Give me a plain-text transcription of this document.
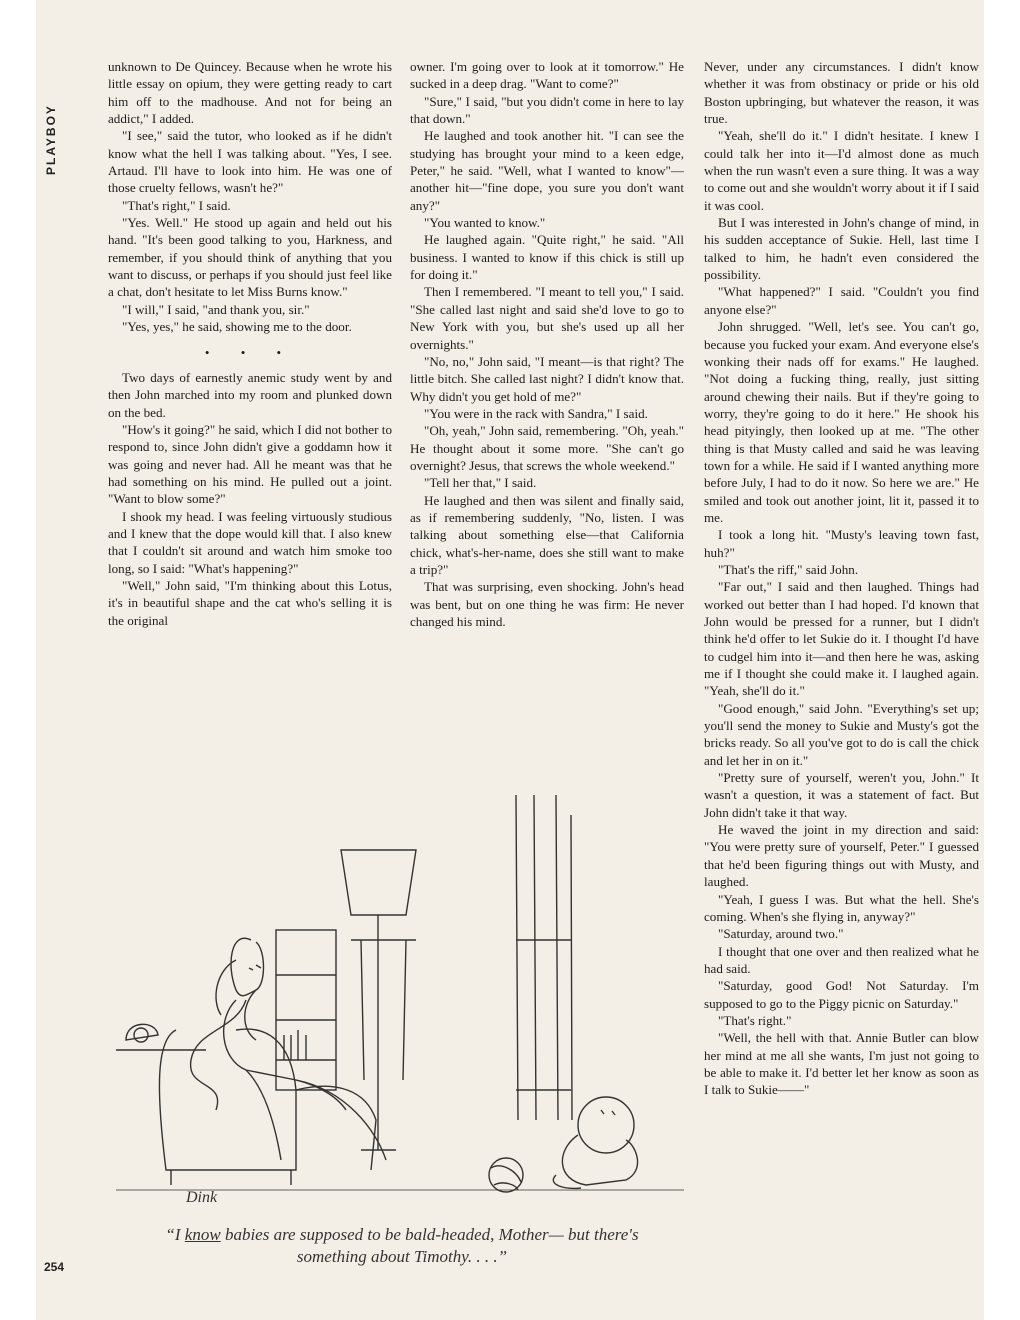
PLAYBOY

unknown to De Quincey. Because when he wrote his little essay on opium, they were getting ready to cart him off to the madhouse. And not for being an addict," I added.

"I see," said the tutor, who looked as if he didn't know what the hell I was talking about. "Yes, I see. Artaud. I'll have to look into him. He was one of those cruelty fellows, wasn't he?"

"That's right," I said.

"Yes. Well." He stood up again and held out his hand. "It's been good talking to you, Harkness, and remember, if you should think of anything that you want to discuss, or perhaps if you should just feel like a chat, don't hesitate to let Miss Burns know."

"I will," I said, "and thank you, sir."

"Yes, yes," he said, showing me to the door.

• • •

Two days of earnestly anemic study went by and then John marched into my room and plunked down on the bed.

"How's it going?" he said, which I did not bother to respond to, since John didn't give a goddamn how it was going and never had. All he meant was that he had something on his mind. He pulled out a joint. "Want to blow some?"

I shook my head. I was feeling virtuously studious and I knew that the dope would kill that. I also knew that I couldn't sit around and watch him smoke too long, so I said: "What's happening?"

"Well," John said, "I'm thinking about this Lotus, it's in beautiful shape and the cat who's selling it is the original

owner. I'm going over to look at it tomorrow." He sucked in a deep drag. "Want to come?"

"Sure," I said, "but you didn't come in here to lay that down."

He laughed and took another hit. "I can see the studying has brought your mind to a keen edge, Peter," he said. "Well, what I wanted to know"—another hit—"fine dope, you sure you don't want any?"

"You wanted to know."

He laughed again. "Quite right," he said. "All business. I wanted to know if this chick is still up for doing it."

Then I remembered. "I meant to tell you," I said. "She called last night and said she'd love to go to New York with you, but she's used up all her overnights."

"No, no," John said, "I meant—is that right? The little bitch. She called last night? I didn't know that. Why didn't you get hold of me?"

"You were in the rack with Sandra," I said.

"Oh, yeah," John said, remembering. "Oh, yeah." He thought about it some more. "She can't go overnight? Jesus, that screws the whole weekend."

"Tell her that," I said.

He laughed and then was silent and finally said, as if remembering suddenly, "No, listen. I was talking about something else—that California chick, what's-her-name, does she still want to make a trip?"

That was surprising, even shocking. John's head was bent, but on one thing he was firm: He never changed his mind.

Never, under any circumstances. I didn't know whether it was from obstinacy or pride or his old Boston upbringing, but whatever the reason, it was true.

"Yeah, she'll do it." I didn't hesitate. I knew I could talk her into it—I'd almost done as much when the run wasn't even a sure thing. It was a way to come out and she wouldn't worry about it if I said it was cool.

But I was interested in John's change of mind, in his sudden acceptance of Sukie. Hell, last time I talked to him, he hadn't even considered the possibility.

"What happened?" I said. "Couldn't you find anyone else?"

John shrugged. "Well, let's see. You can't go, because you fucked your exam. And everyone else's wonking their nads off for exams." He laughed. "Not doing a fucking thing, really, just sitting around chewing their nails. But if they're going to worry, they're going to do it here." He shook his head pityingly, then looked up at me. "The other thing is that Musty called and said he was leaving town for a while. He said if I wanted anything more before July, I had to do it now. So here we are." He smiled and took out another joint, lit it, passed it to me.

I took a long hit. "Musty's leaving town fast, huh?"

"That's the riff," said John.

"Far out," I said and then laughed. Things had worked out better than I had hoped. I'd known that John would be pressed for a runner, but I didn't think he'd offer to let Sukie do it. I thought I'd have to cudgel him into it—and then here he was, asking me if I thought she could make it. I laughed again. "Yeah, she'll do it."

"Good enough," said John. "Everything's set up; you'll send the money to Sukie and Musty's got the bricks ready. So all you've got to do is call the chick and let her in on it."

"Pretty sure of yourself, weren't you, John." It wasn't a question, it was a statement of fact. But John didn't take it that way.

He waved the joint in my direction and said: "You were pretty sure of yourself, Peter." I guessed that he'd been figuring things out with Musty, and laughed.

"Yeah, I guess I was. But what the hell. She's coming. When's she flying in, anyway?"

"Saturday, around two."

I thought that one over and then realized what he had said.

"Saturday, good God! Not Saturday. I'm supposed to go to the Piggy picnic on Saturday."

"That's right."

"Well, the hell with that. Annie Butler can blow her mind at me all she wants, I'm just not going to be able to make it. I'd better let her know as soon as I talk to Sukie——"

Dink
“I know babies are supposed to be bald-headed, Mother— but there's something about Timothy. . . .”
254
